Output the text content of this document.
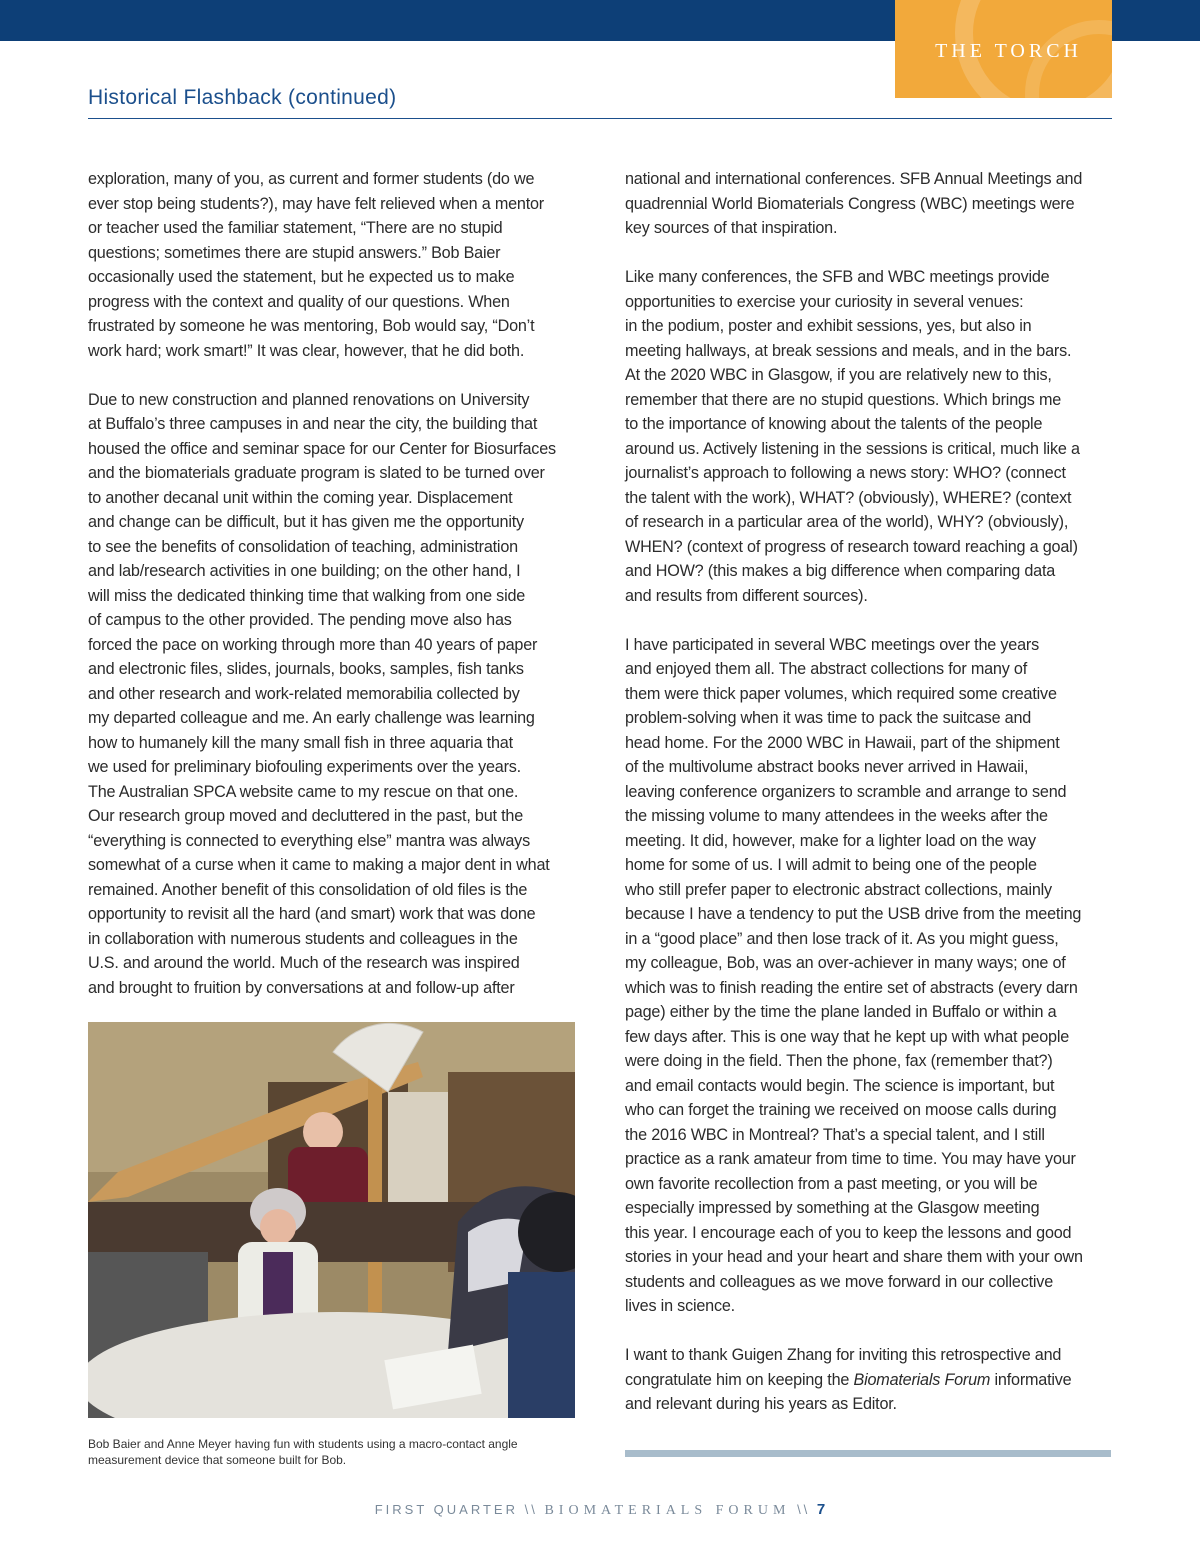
THE TORCH
Historical Flashback (continued)

exploration, many of you, as current and former students (do we
ever stop being students?), may have felt relieved when a mentor
or teacher used the familiar statement, “There are no stupid
questions; sometimes there are stupid answers.” Bob Baier
occasionally used the statement, but he expected us to make
progress with the context and quality of our questions. When
frustrated by someone he was mentoring, Bob would say, “Don’t
work hard; work smart!” It was clear, however, that he did both.

Due to new construction and planned renovations on University
at Buffalo’s three campuses in and near the city, the building that
housed the office and seminar space for our Center for Biosurfaces
and the biomaterials graduate program is slated to be turned over
to another decanal unit within the coming year. Displacement
and change can be difficult, but it has given me the opportunity
to see the benefits of consolidation of teaching, administration
and lab/research activities in one building; on the other hand, I
will miss the dedicated thinking time that walking from one side
of campus to the other provided. The pending move also has
forced the pace on working through more than 40 years of paper
and electronic files, slides, journals, books, samples, fish tanks
and other research and work-related memorabilia collected by
my departed colleague and me. An early challenge was learning
how to humanely kill the many small fish in three aquaria that
we used for preliminary biofouling experiments over the years.
The Australian SPCA website came to my rescue on that one.
Our research group moved and decluttered in the past, but the
“everything is connected to everything else” mantra was always
somewhat of a curse when it came to making a major dent in what
remained. Another benefit of this consolidation of old files is the
opportunity to revisit all the hard (and smart) work that was done
in collaboration with numerous students and colleagues in the
U.S. and around the world. Much of the research was inspired
and brought to fruition by conversations at and follow-up after

Bob Baier and Anne Meyer having fun with students using a macro-contact angle measurement device that someone built for Bob.

national and international conferences. SFB Annual Meetings and
quadrennial World Biomaterials Congress (WBC) meetings were
key sources of that inspiration.

Like many conferences, the SFB and WBC meetings provide
opportunities to exercise your curiosity in several venues:
in the podium, poster and exhibit sessions, yes, but also in
meeting hallways, at break sessions and meals, and in the bars.
At the 2020 WBC in Glasgow, if you are relatively new to this,
remember that there are no stupid questions. Which brings me
to the importance of knowing about the talents of the people
around us. Actively listening in the sessions is critical, much like a
journalist’s approach to following a news story: WHO? (connect
the talent with the work), WHAT? (obviously), WHERE? (context
of research in a particular area of the world), WHY? (obviously),
WHEN? (context of progress of research toward reaching a goal)
and HOW? (this makes a big difference when comparing data
and results from different sources).

I have participated in several WBC meetings over the years
and enjoyed them all. The abstract collections for many of
them were thick paper volumes, which required some creative
problem-solving when it was time to pack the suitcase and
head home. For the 2000 WBC in Hawaii, part of the shipment
of the multivolume abstract books never arrived in Hawaii,
leaving conference organizers to scramble and arrange to send
the missing volume to many attendees in the weeks after the
meeting. It did, however, make for a lighter load on the way
home for some of us. I will admit to being one of the people
who still prefer paper to electronic abstract collections, mainly
because I have a tendency to put the USB drive from the meeting
in a “good place” and then lose track of it. As you might guess,
my colleague, Bob, was an over-achiever in many ways; one of
which was to finish reading the entire set of abstracts (every darn
page) either by the time the plane landed in Buffalo or within a
few days after. This is one way that he kept up with what people
were doing in the field. Then the phone, fax (remember that?)
and email contacts would begin. The science is important, but
who can forget the training we received on moose calls during
the 2016 WBC in Montreal? That’s a special talent, and I still
practice as a rank amateur from time to time. You may have your
own favorite recollection from a past meeting, or you will be
especially impressed by something at the Glasgow meeting
this year. I encourage each of you to keep the lessons and good
stories in your head and your heart and share them with your own
students and colleagues as we move forward in our collective
lives in science.

I want to thank Guigen Zhang for inviting this retrospective and
congratulate him on keeping the Biomaterials Forum informative
and relevant during his years as Editor.

FIRST QUARTER \\ BIOMATERIALS FORUM \\ 7
